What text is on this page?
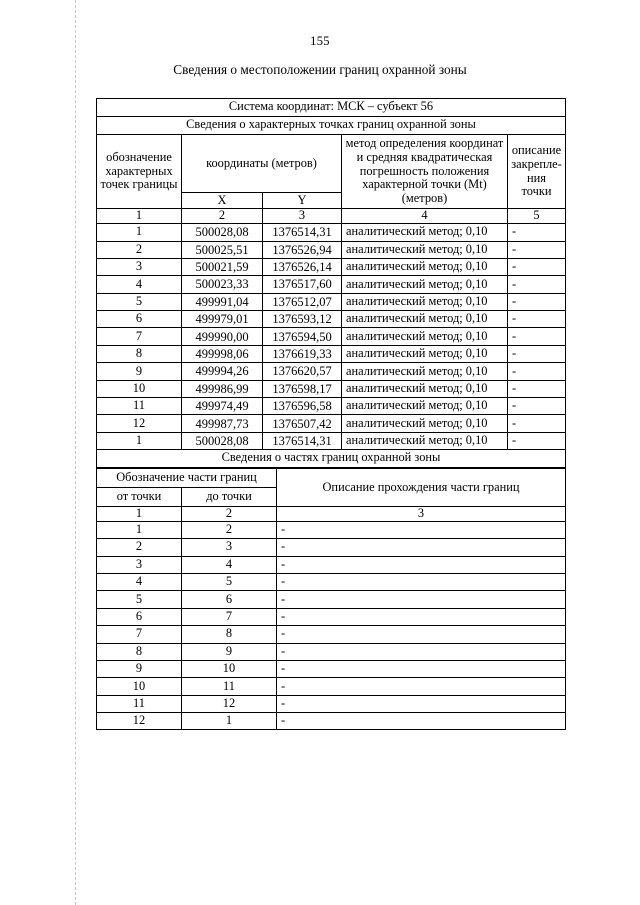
155
Сведения о местоположении границ охранной зоны
Система координат: МСК – субъект 56				
Сведения о характерных точках границ охранной зоны				
обозначение характерных точек границы	координаты (метров)		метод определения координат и средняя квадратическая погрешность положения характерной точки (Mt) (метров)	описание закрепле- ния точки
	X	Y		
1	2	3	4	5
1	500028,08	1376514,31	аналитический метод; 0,10	-
2	500025,51	1376526,94	аналитический метод; 0,10	-
3	500021,59	1376526,14	аналитический метод; 0,10	-
4	500023,33	1376517,60	аналитический метод; 0,10	-
5	499991,04	1376512,07	аналитический метод; 0,10	-
6	499979,01	1376593,12	аналитический метод; 0,10	-
7	499990,00	1376594,50	аналитический метод; 0,10	-
8	499998,06	1376619,33	аналитический метод; 0,10	-
9	499994,26	1376620,57	аналитический метод; 0,10	-
10	499986,99	1376598,17	аналитический метод; 0,10	-
11	499974,49	1376596,58	аналитический метод; 0,10	-
12	499987,73	1376507,42	аналитический метод; 0,10	-
1	500028,08	1376514,31	аналитический метод; 0,10	-
Сведения о частях границ охранной зоны				
Обозначение части границ		Описание прохождения части границ
от точки	до точки	
1	2	3
1	2	-
2	3	-
3	4	-
4	5	-
5	6	-
6	7	-
7	8	-
8	9	-
9	10	-
10	11	-
11	12	-
12	1	-
